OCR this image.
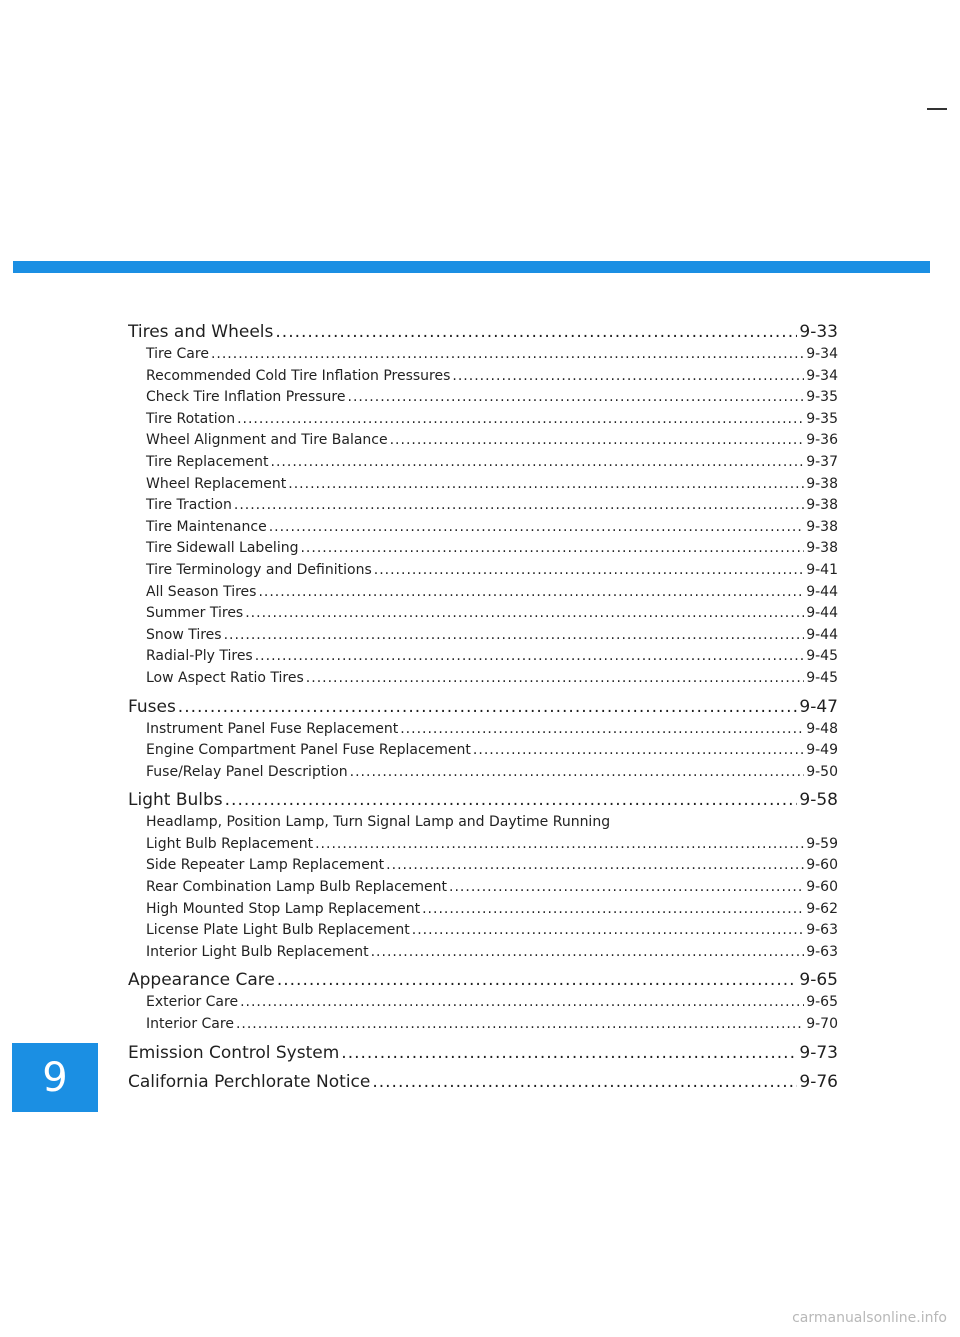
Tires and Wheels .....	9-33
Tire Care .....	9-34
Recommended Cold Tire Inflation Pressures .....	9-34
Check Tire Inflation Pressure .....	9-35
Tire Rotation .....	9-35
Wheel Alignment and Tire Balance .....	9-36
Tire Replacement .....	9-37
Wheel Replacement .....	9-38
Tire Traction .....	9-38
Tire Maintenance .....	9-38
Tire Sidewall Labeling .....	9-38
Tire Terminology and Definitions .....	9-41
All Season Tires .....	9-44
Summer Tires .....	9-44
Snow Tires .....	9-44
Radial-Ply Tires .....	9-45
Low Aspect Ratio Tires .....	9-45
Fuses .....	9-47
Instrument Panel Fuse Replacement .....	9-48
Engine Compartment Panel Fuse Replacement .....	9-49
Fuse/Relay Panel Description .....	9-50
Light Bulbs .....	9-58
Headlamp, Position Lamp, Turn Signal Lamp and Daytime Running
Light Bulb Replacement .....	9-59
Side Repeater Lamp Replacement .....	9-60
Rear Combination Lamp Bulb Replacement .....	9-60
High Mounted Stop Lamp Replacement .....	9-62
License Plate Light Bulb Replacement .....	9-63
Interior Light Bulb Replacement .....	9-63
Appearance Care .....	9-65
Exterior Care .....	9-65
Interior Care .....	9-70
Emission Control System .....	9-73
California Perchlorate Notice .....	9-76
9
carmanualsonline.info
